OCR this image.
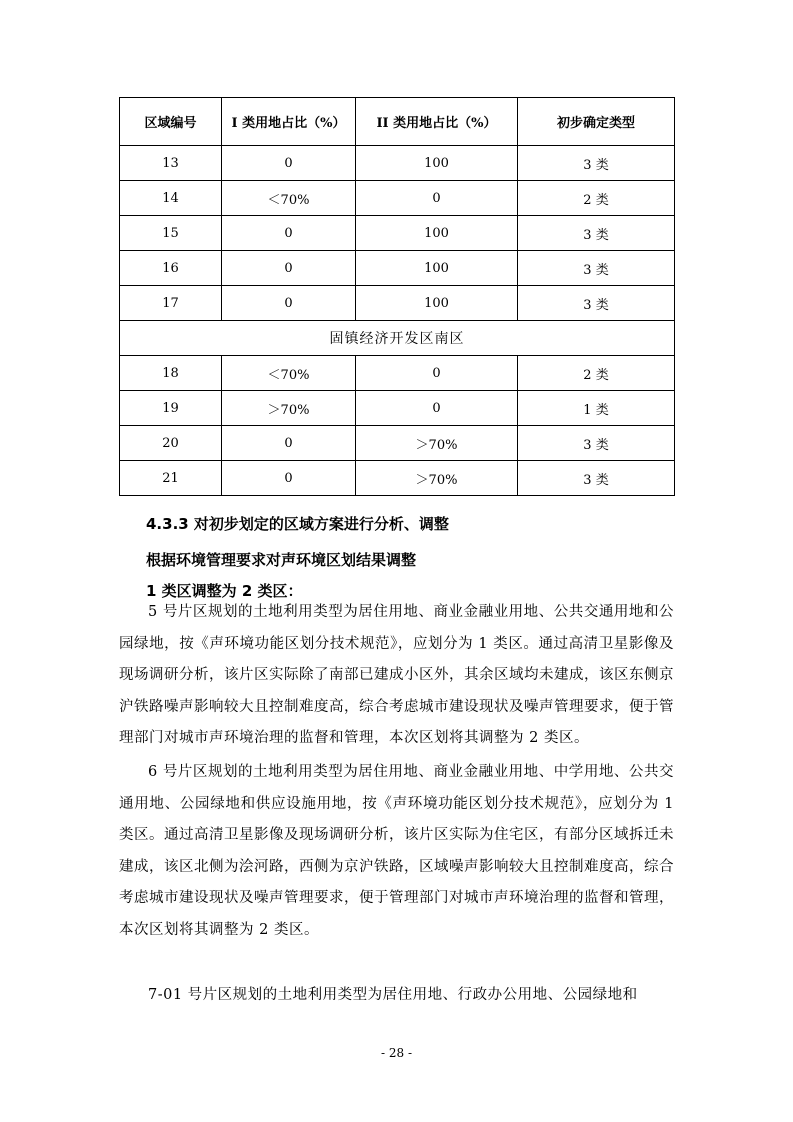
区域编号	I 类用地占比（%）	II 类用地占比（%）	初步确定类型
13	0	100	3 类
14	＜70%	0	2 类
15	0	100	3 类
16	0	100	3 类
17	0	100	3 类
固镇经济开发区南区			
18	＜70%	0	2 类
19	＞70%	0	1 类
20	0	＞70%	3 类
21	0	＞70%	3 类
4.3.3 对初步划定的区域方案进行分析、调整
根据环境管理要求对声环境区划结果调整
1 类区调整为 2 类区：

5 号片区规划的土地利用类型为居住用地、商业金融业用地、公共交通用地和公园绿地，按《声环境功能区划分技术规范》，应划分为 1 类区。通过高清卫星影像及现场调研分析，该片区实际除了南部已建成小区外，其余区域均未建成，该区东侧京沪铁路噪声影响较大且控制难度高，综合考虑城市建设现状及噪声管理要求，便于管理部门对城市声环境治理的监督和管理，本次区划将其调整为 2 类区。

6 号片区规划的土地利用类型为居住用地、商业金融业用地、中学用地、公共交通用地、公园绿地和供应设施用地，按《声环境功能区划分技术规范》，应划分为 1 类区。通过高清卫星影像及现场调研分析，该片区实际为住宅区，有部分区域拆迁未建成，该区北侧为浍河路，西侧为京沪铁路，区域噪声影响较大且控制难度高，综合考虑城市建设现状及噪声管理要求，便于管理部门对城市声环境治理的监督和管理，本次区划将其调整为 2 类区。

7-01 号片区规划的土地利用类型为居住用地、行政办公用地、公园绿地和

- 28 -
